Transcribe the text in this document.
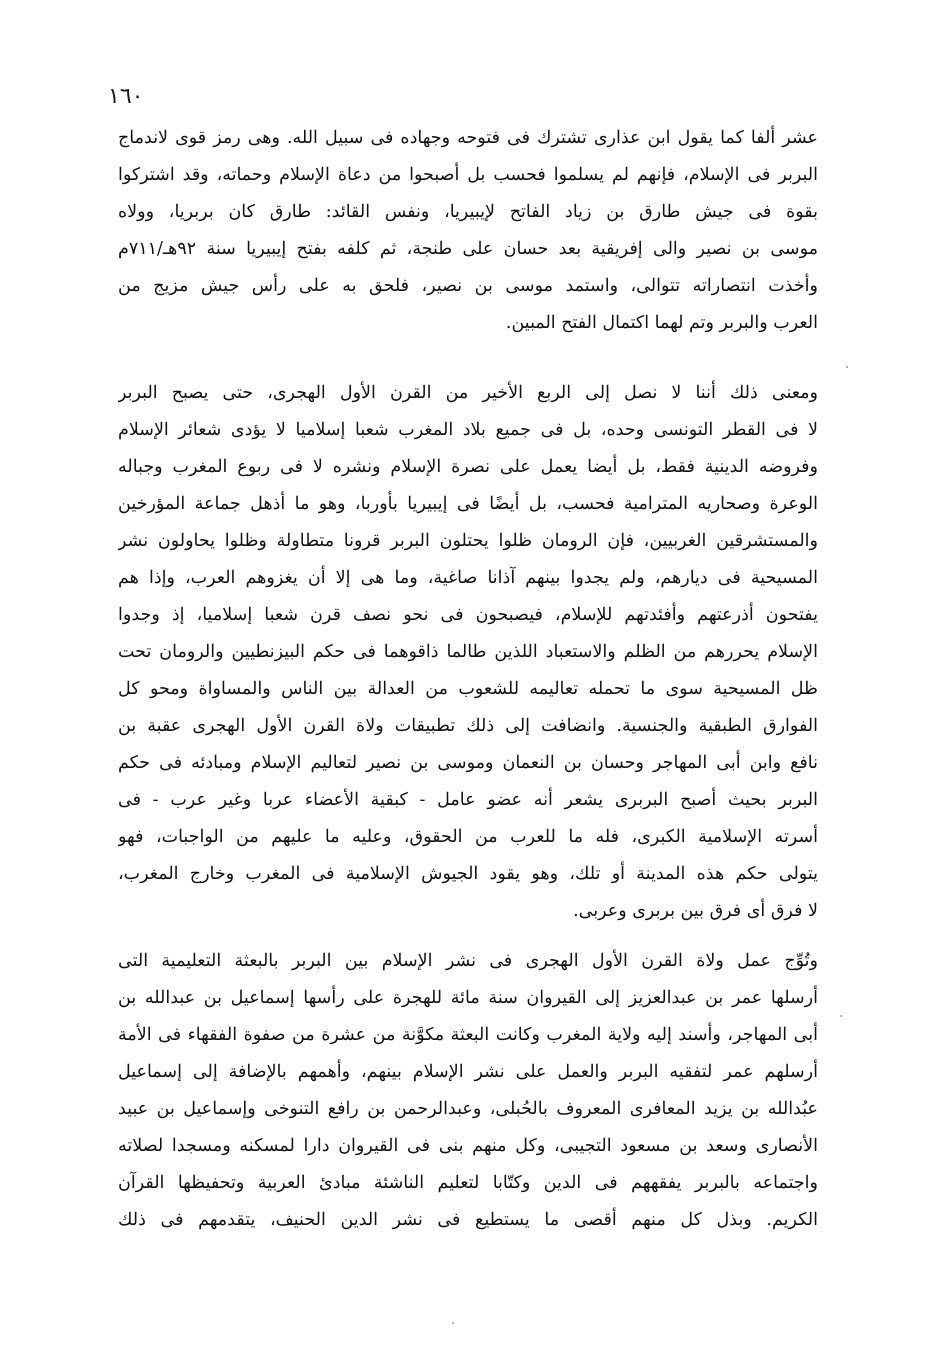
١٦٠
عشر ألفا كما يقول ابن عذارى تشترك فى فتوحه وجهاده فى سبيل الله. وهى رمز قوى لاندماج
البربر فى الإسلام، فإنهم لم يسلموا فحسب بل أصبحوا من دعاة الإسلام وحماته، وقد اشتركوا
بقوة فى جيش طارق بن زياد الفاتح لإيبيريا، ونفس القائد: طارق كان بربريا، وولاه
موسى بن نصير والى إفريقية بعد حسان على طنجة، ثم كلفه بفتح إيبيريا سنة ٩٢هـ/٧١١م
وأخذت انتصاراته تتوالى، واستمد موسى بن نصير، فلحق به على رأس جيش مزيج من
العرب والبربر وتم لهما اكتمال الفتح المبين.
ومعنى ذلك أننا لا نصل إلى الربع الأخير من القرن الأول الهجرى، حتى يصبح البربر
لا فى القطر التونسى وحده، بل فى جميع بلاد المغرب شعبا إسلاميا لا يؤدى شعائر الإسلام
وفروضه الدينية فقط، بل أيضا يعمل على نصرة الإسلام ونشره لا فى ربوع المغرب وجباله
الوعرة وصحاريه المترامية فحسب، بل أيضًا فى إيبيريا بأوربا، وهو ما أذهل جماعة المؤرخين
والمستشرقين الغربيين، فإن الرومان ظلوا يحتلون البربر قرونا متطاولة وظلوا يحاولون نشر
المسيحية فى ديارهم، ولم يجدوا بينهم آذانا صاغية، وما هى إلا أن يغزوهم العرب، وإذا هم
يفتحون أذرعتهم وأفئدتهم للإسلام، فيصبحون فى نحو نصف قرن شعبا إسلاميا، إذ وجدوا
الإسلام يحررهم من الظلم والاستعباد اللذين طالما ذاقوهما فى حكم البيزنطيين والرومان تحت
ظل المسيحية سوى ما تحمله تعاليمه للشعوب من العدالة بين الناس والمساواة ومحو كل
الفوارق الطبقية والجنسية. وانضافت إلى ذلك تطبيقات ولاة القرن الأول الهجرى عقبة بن
نافع وابن أبى المهاجر وحسان بن النعمان وموسى بن نصير لتعاليم الإسلام ومبادئه فى حكم
البربر بحيث أصبح البربرى يشعر أنه عضو عامل - كبقية الأعضاء عربا وغير عرب - فى
أسرته الإسلامية الكبرى، فله ما للعرب من الحقوق، وعليه ما عليهم من الواجبات، فهو
يتولى حكم هذه المدينة أو تلك، وهو يقود الجيوش الإسلامية فى المغرب وخارج المغرب،
لا فرق أى فرق بين بربرى وعربى.
وتُوِّج عمل ولاة القرن الأول الهجرى فى نشر الإسلام بين البربر بالبعثة التعليمية التى
أرسلها عمر بن عبدالعزيز إلى القيروان سنة مائة للهجرة على رأسها إسماعيل بن عبدالله بن
أبى المهاجر، وأسند إليه ولاية المغرب وكانت البعثة مكوَّنة من عشرة من صفوة الفقهاء فى الأمة
أرسلهم عمر لتفقيه البربر والعمل على نشر الإسلام بينهم، وأهمهم بالإضافة إلى إسماعيل
عبُدالله بن يزيد المعافرى المعروف بالحُبلى، وعبدالرحمن بن رافع التنوخى وإسماعيل بن عبيد
الأنصارى وسعد بن مسعود التجيبى، وكل منهم بنى فى القيروان دارا لمسكنه ومسجدا لصلاته
واجتماعه بالبربر يفقههم فى الدين وكتّابا لتعليم الناشئة مبادئ العربية وتحفيظها القرآن
الكريم. وبذل كل منهم أقصى ما يستطيع فى نشر الدين الحنيف، يتقدمهم فى ذلك
